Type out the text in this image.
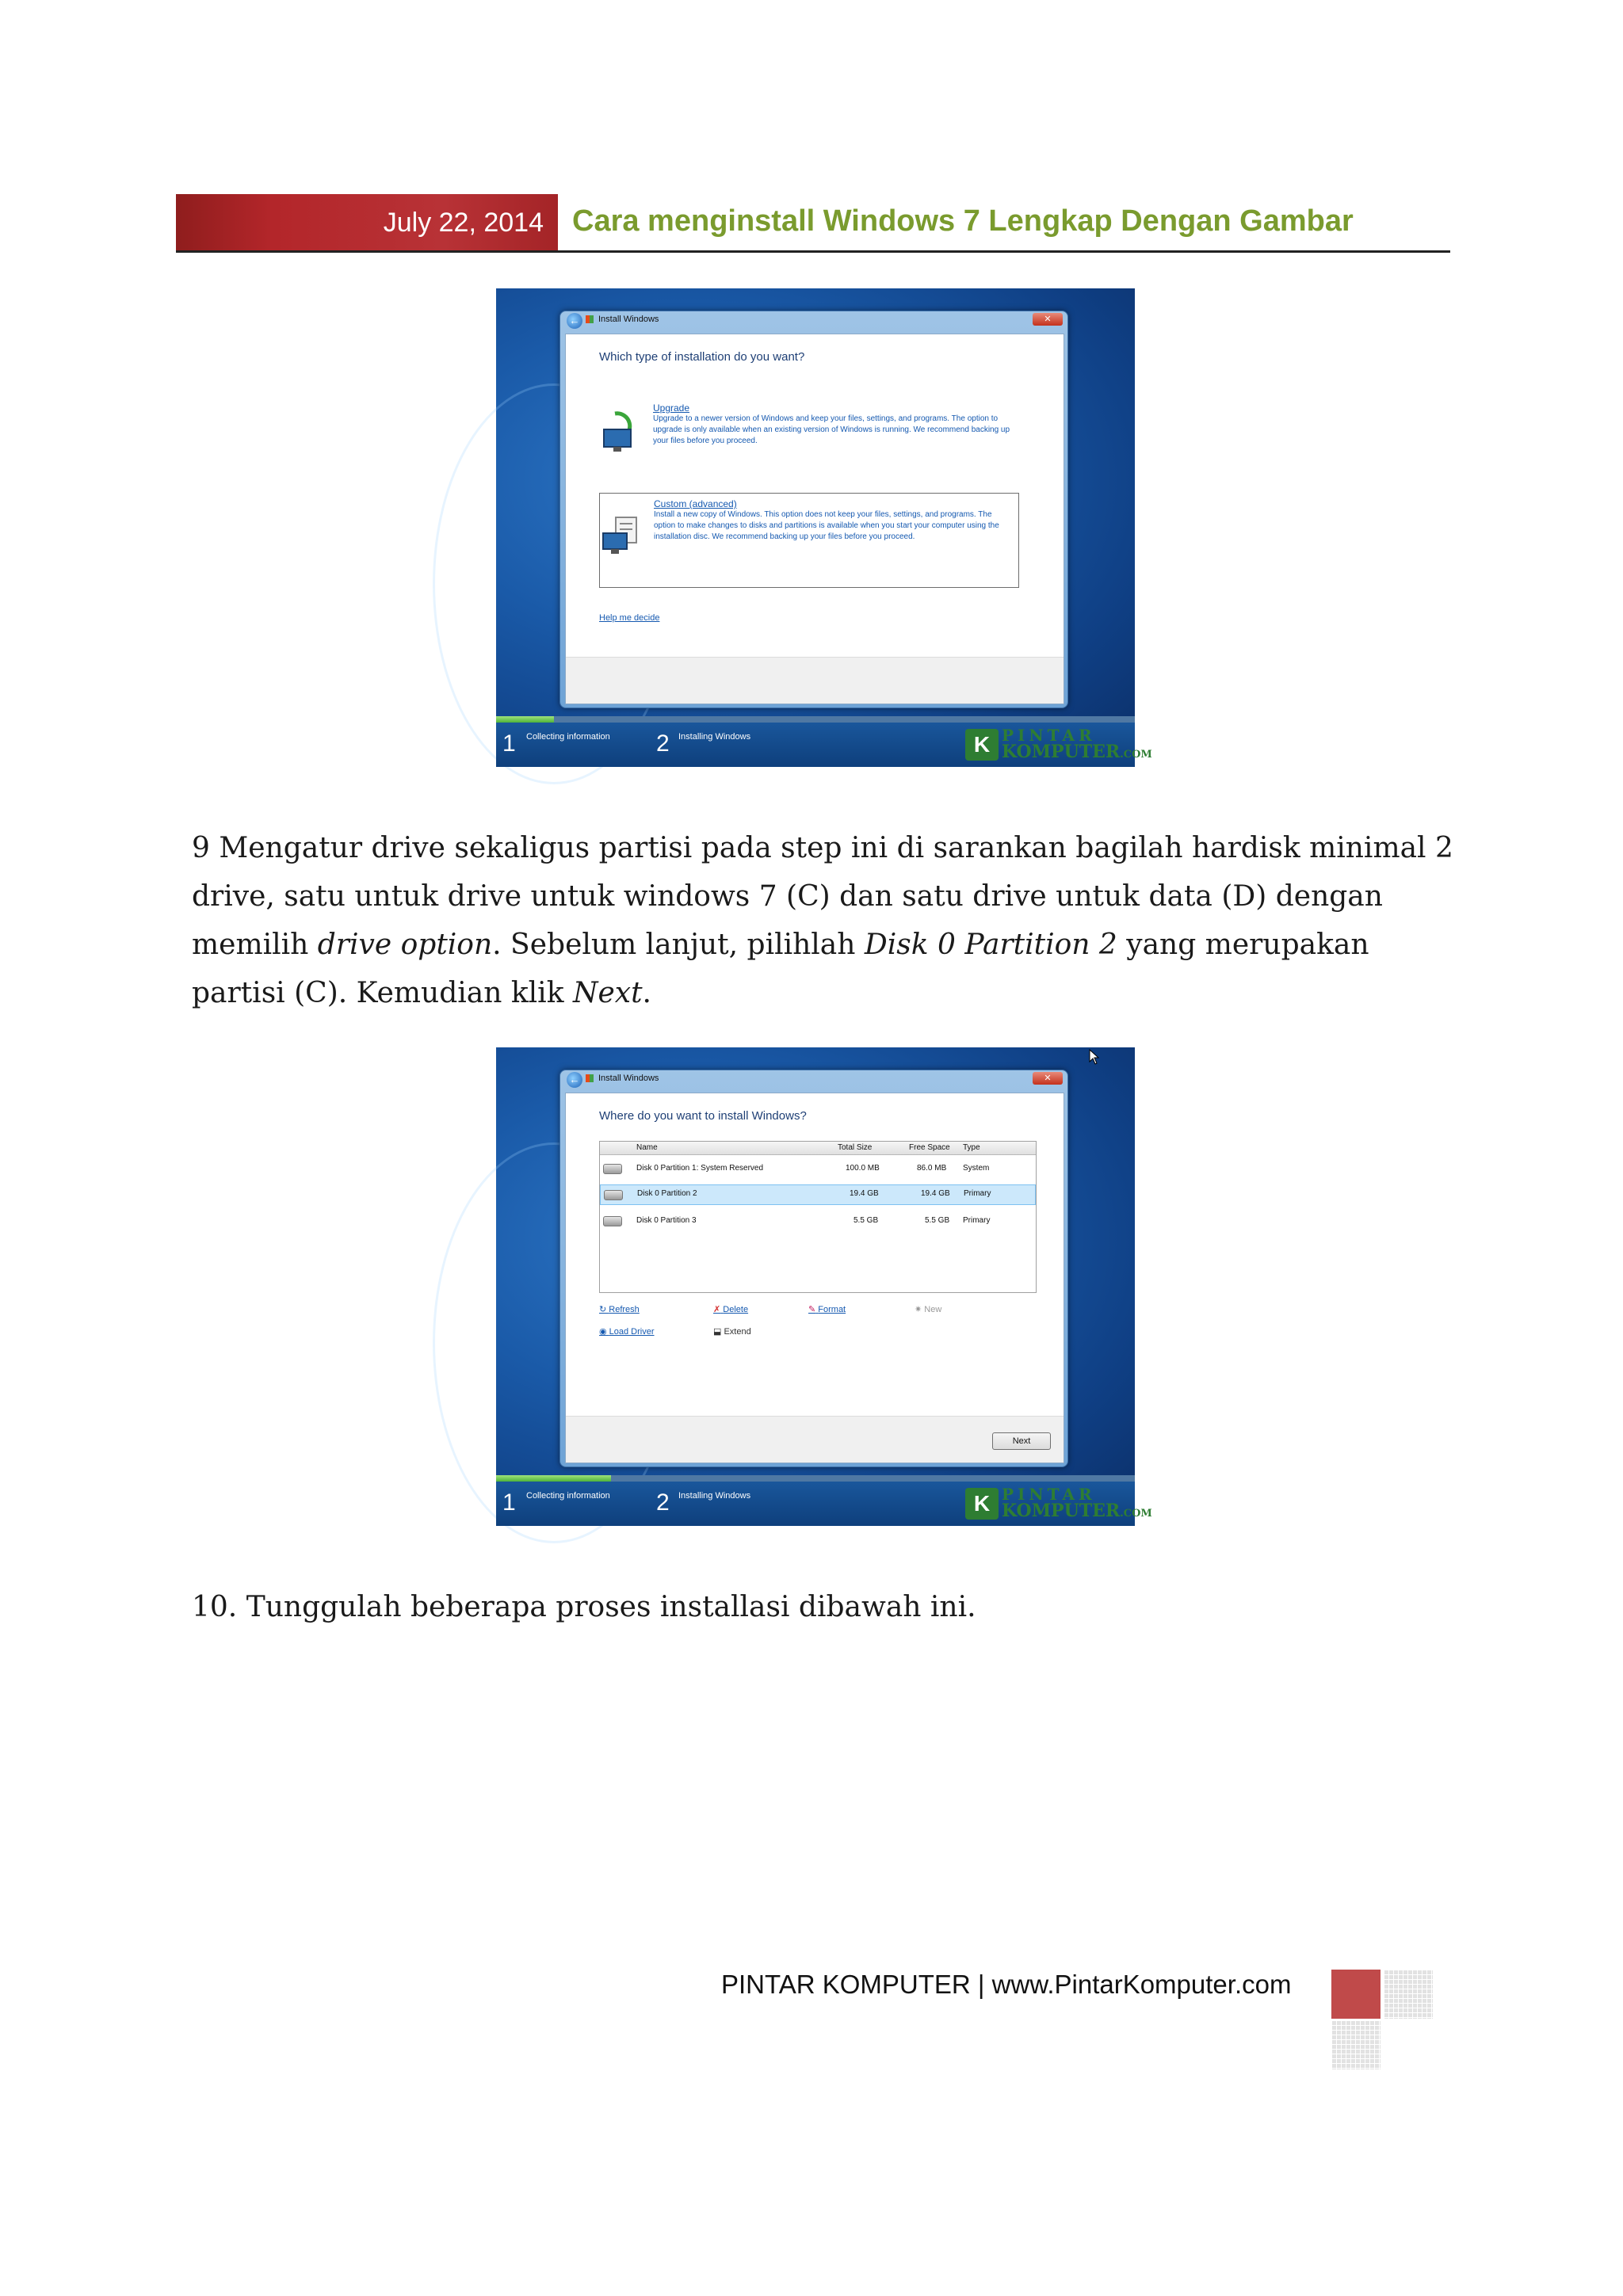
July 22, 2014 Cara menginstall Windows 7 Lengkap Dengan Gambar
←	Install Windows	✕
Which type of installation do you want?
Upgrade
Upgrade to a newer version of Windows and keep your files, settings, and programs. The option to upgrade is only available when an existing version of Windows is running. We recommend backing up your files before you proceed.
Custom (advanced)
Install a new copy of Windows. This option does not keep your files, settings, and programs. The option to make changes to disks and partitions is available when you start your computer using the installation disc. We recommend backing up your files before you proceed.
Help me decide
1 Collecting information 2 Installing Windows	K PINTAR
KOMPUTER.COM
9 Mengatur drive sekaligus partisi pada step ini di sarankan bagilah hardisk minimal 2 drive, satu untuk drive untuk windows 7 (C) dan satu drive untuk data (D) dengan memilih drive option. Sebelum lanjut, pilihlah Disk 0 Partition 2 yang merupakan partisi (C). Kemudian klik Next.
←	Install Windows	✕
Where do you want to install Windows?
Name	Total Size	Free Space Type
Disk 0 Partition 1: System Reserved	100.0 MB	86.0 MB System
Disk 0 Partition 2	19.4 GB	19.4 GB Primary
Disk 0 Partition 3	5.5 GB	5.5 GB Primary
↻ Refresh	✗ Delete	✎ Format	✷ New
◉ Load Driver	⬓ Extend
Next
1 Collecting information 2 Installing Windows	K PINTAR
KOMPUTER.COM
10. Tunggulah beberapa proses installasi dibawah ini.
PINTAR KOMPUTER | www.PintarKomputer.com
